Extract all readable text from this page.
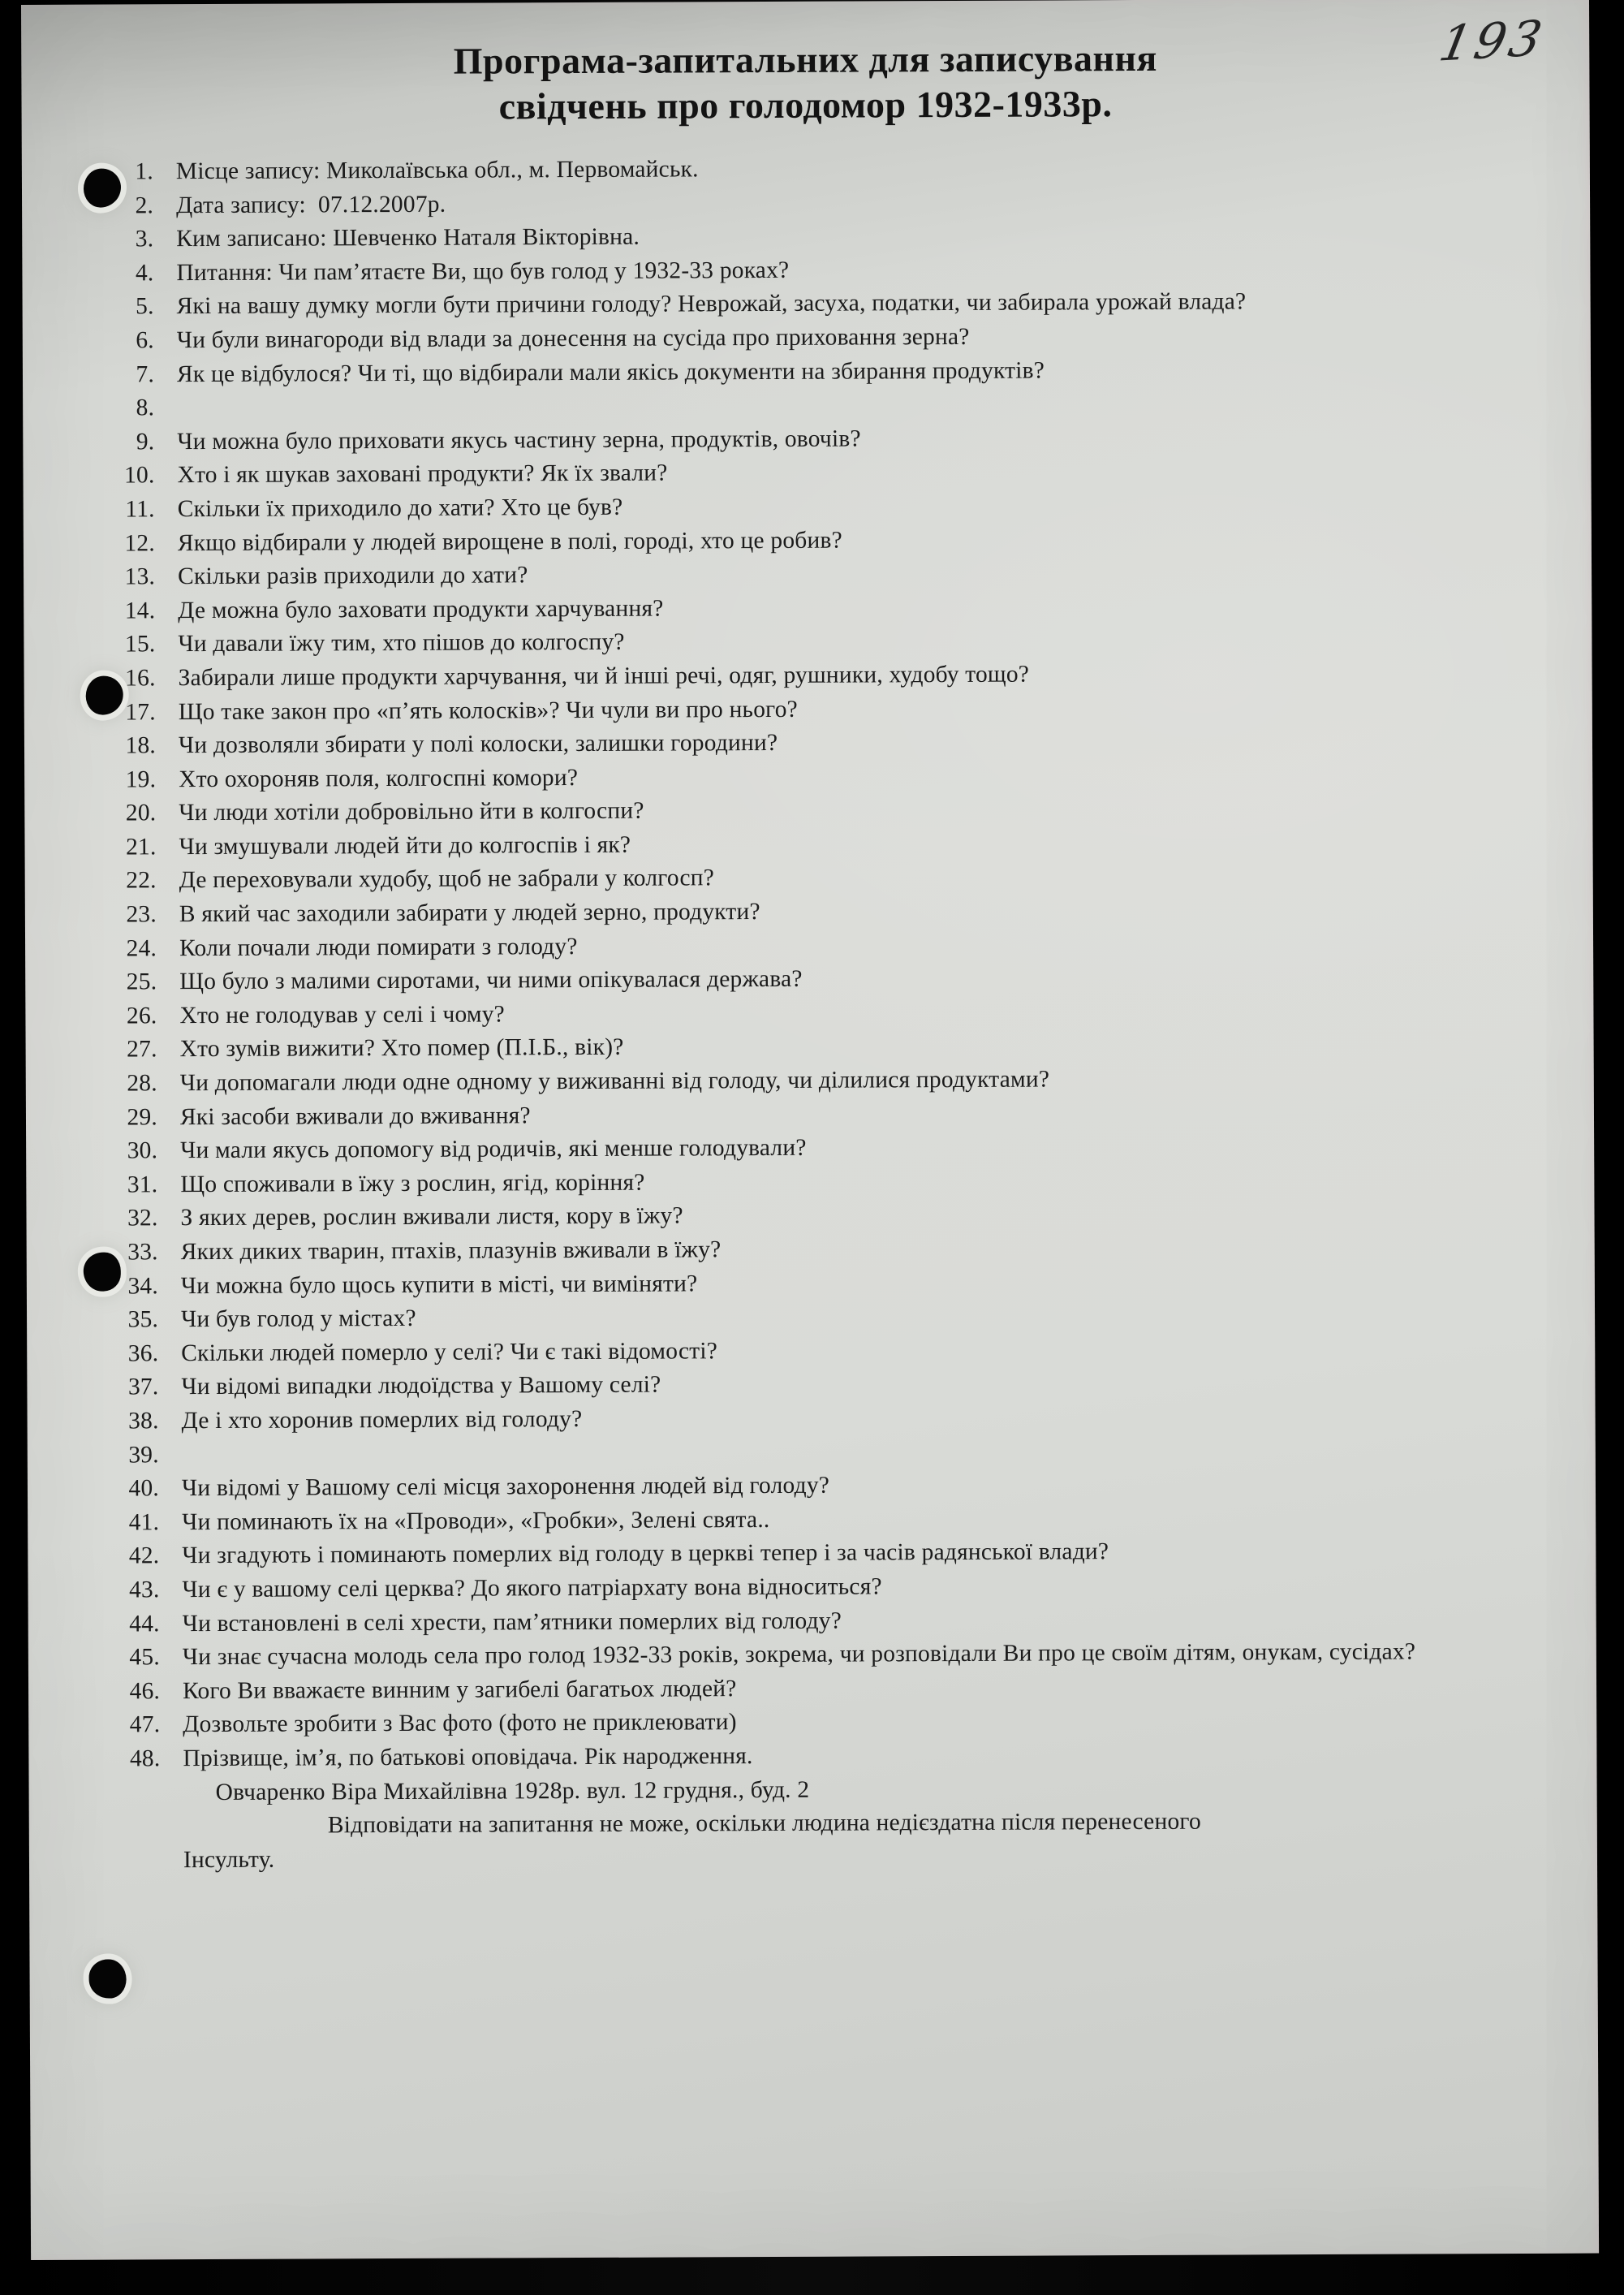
193
Програма-запитальних для записування
свідчень про голодомор 1932-1933р.
1. Місце запису: Миколаївська обл., м. Первомайськ.
2. Дата запису:  07.12.2007р.
3. Ким записано: Шевченко Наталя Вікторівна.
4. Питання: Чи пам’ятаєте Ви, що був голод у 1932-33 роках?
5. Які на вашу думку могли бути причини голоду? Неврожай, засуха, податки, чи забирала урожай влада?
6. Чи були винагороди від влади за донесення на сусіда про приховання зерна?
7. Як це відбулося? Чи ті, що відбирали мали якісь документи на збирання продуктів?
8.
9. Чи можна було приховати якусь частину зерна, продуктів, овочів?
10. Хто і як шукав заховані продукти? Як їх звали?
11. Скільки їх приходило до хати? Хто це був?
12. Якщо відбирали у людей вирощене в полі, городі, хто це робив?
13. Скільки разів приходили до хати?
14. Де можна було заховати продукти харчування?
15. Чи давали їжу тим, хто пішов до колгоспу?
16. Забирали лише продукти харчування, чи й інші речі, одяг, рушники, худобу тощо?
17. Що таке закон про «п’ять колосків»? Чи чули ви про нього?
18. Чи дозволяли збирати у полі колоски, залишки городини?
19. Хто охороняв поля, колгоспні комори?
20. Чи люди хотіли добровільно йти в колгоспи?
21. Чи змушували людей йти до колгоспів і як?
22. Де переховували худобу, щоб не забрали у колгосп?
23. В який час заходили забирати у людей зерно, продукти?
24. Коли почали люди помирати з голоду?
25. Що було з малими сиротами, чи ними опікувалася держава?
26. Хто не голодував у селі і чому?
27. Хто зумів вижити? Хто помер (П.І.Б., вік)?
28. Чи допомагали люди одне одному у виживанні від голоду, чи ділилися продуктами?
29. Які засоби вживали до вживання?
30. Чи мали якусь допомогу від родичів, які менше голодували?
31. Що споживали в їжу з рослин, ягід, коріння?
32. З яких дерев, рослин вживали листя, кору в їжу?
33. Яких диких тварин, птахів, плазунів вживали в їжу?
34. Чи можна було щось купити в місті, чи виміняти?
35. Чи був голод у містах?
36. Скільки людей померло у селі? Чи є такі відомості?
37. Чи відомі випадки людоїдства у Вашому селі?
38. Де і хто хоронив померлих від голоду?
39.
40. Чи відомі у Вашому селі місця захоронення людей від голоду?
41. Чи поминають їх на «Проводи», «Гробки», Зелені свята..
42. Чи згадують і поминають померлих від голоду в церкві тепер і за часів радянської влади?
43. Чи є у вашому селі церква? До якого патріархату вона відноситься?
44. Чи встановлені в селі хрести, пам’ятники померлих від голоду?
45. Чи знає сучасна молодь села про голод 1932-33 років, зокрема, чи розповідали Ви про це своїм дітям, онукам, сусідах?
46. Кого Ви вважаєте винним у загибелі багатьох людей?
47. Дозвольте зробити з Вас фото (фото не приклеювати)
48. Прізвище, ім’я, по батькові оповідача. Рік народження.
Овчаренко Віра Михайлівна 1928р. вул. 12 грудня., буд. 2
Відповідати на запитання не може, оскільки людина недієздатна після перенесеного
Інсульту.
